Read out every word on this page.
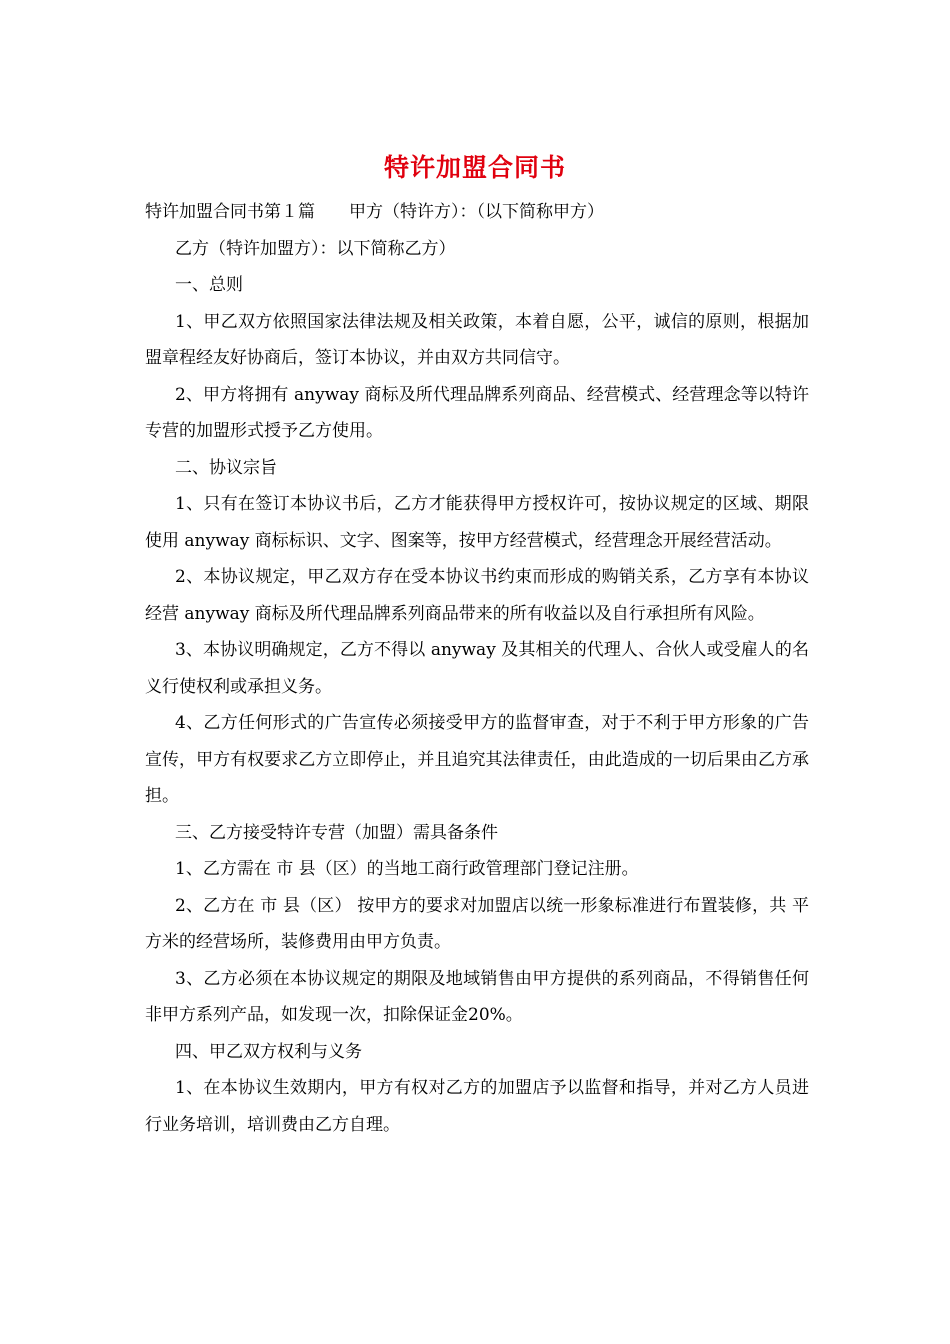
特许加盟合同书

特许加盟合同书第１篇　　甲方（特许方）：（以下简称甲方）

乙方（特许加盟方）：以下简称乙方）

一、总则

1、甲乙双方依照国家法律法规及相关政策，本着自愿，公平，诚信的原则，根据加盟章程经友好协商后，签订本协议，并由双方共同信守。

2、甲方将拥有 anyway 商标及所代理品牌系列商品、经营模式、经营理念等以特许专营的加盟形式授予乙方使用。

二、协议宗旨

1、只有在签订本协议书后，乙方才能获得甲方授权许可，按协议规定的区域、期限使用 anyway 商标标识、文字、图案等，按甲方经营模式，经营理念开展经营活动。

2、本协议规定，甲乙双方存在受本协议书约束而形成的购销关系，乙方享有本协议经营 anyway 商标及所代理品牌系列商品带来的所有收益以及自行承担所有风险。

3、本协议明确规定，乙方不得以 anyway 及其相关的代理人、合伙人或受雇人的名义行使权利或承担义务。

4、乙方任何形式的广告宣传必须接受甲方的监督审查，对于不利于甲方形象的广告宣传，甲方有权要求乙方立即停止，并且追究其法律责任，由此造成的一切后果由乙方承担。

三、乙方接受特许专营（加盟）需具备条件

1、乙方需在 市 县（区）的当地工商行政管理部门登记注册。

2、乙方在 市 县（区） 按甲方的要求对加盟店以统一形象标准进行布置装修，共 平方米的经营场所，装修费用由甲方负责。

3、乙方必须在本协议规定的期限及地域销售由甲方提供的系列商品，不得销售任何非甲方系列产品，如发现一次，扣除保证金20%。

四、甲乙双方权利与义务

1、在本协议生效期内，甲方有权对乙方的加盟店予以监督和指导，并对乙方人员进行业务培训，培训费由乙方自理。
